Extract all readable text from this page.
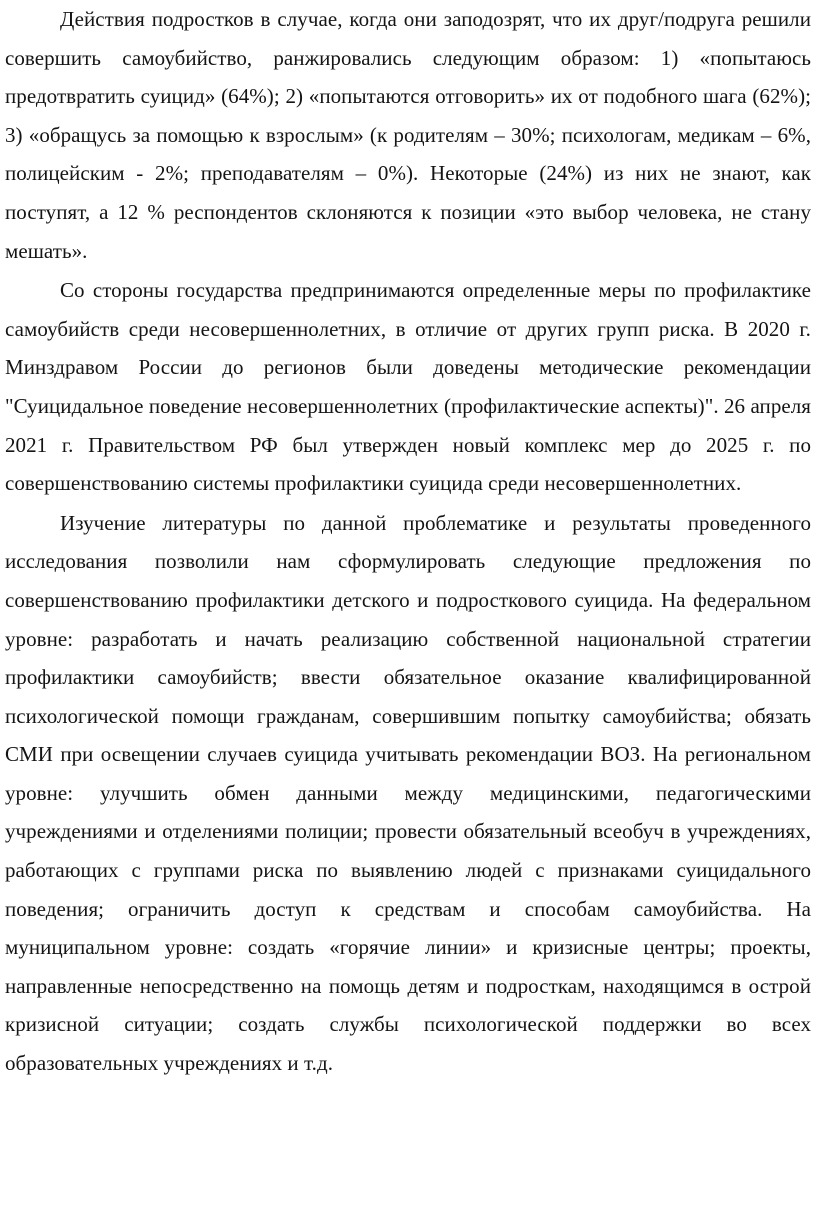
Действия подростков в случае, когда они заподозрят, что их друг/подруга решили совершить самоубийство, ранжировались следующим образом: 1) «попытаюсь предотвратить суицид» (64%); 2) «попытаются отговорить» их от подобного шага (62%); 3) «обращусь за помощью к взрослым» (к родителям – 30%; психологам, медикам – 6%, полицейским - 2%; преподавателям – 0%). Некоторые (24%) из них не знают, как поступят, а 12 % респондентов склоняются к позиции «это выбор человека, не стану мешать».

Со стороны государства предпринимаются определенные меры по профилактике самоубийств среди несовершеннолетних, в отличие от других групп риска. В 2020 г. Минздравом России до регионов были доведены методические рекомендации "Суицидальное поведение несовершеннолетних (профилактические аспекты)". 26 апреля 2021 г. Правительством РФ был утвержден новый комплекс мер до 2025 г. по совершенствованию системы профилактики суицида среди несовершеннолетних.

Изучение литературы по данной проблематике и результаты проведенного исследования позволили нам сформулировать следующие предложения по совершенствованию профилактики детского и подросткового суицида. На федеральном уровне: разработать и начать реализацию собственной национальной стратегии профилактики самоубийств; ввести обязательное оказание квалифицированной психологической помощи гражданам, совершившим попытку самоубийства; обязать СМИ при освещении случаев суицида учитывать рекомендации ВОЗ. На региональном уровне: улучшить обмен данными между медицинскими, педагогическими учреждениями и отделениями полиции; провести обязательный всеобуч в учреждениях, работающих с группами риска по выявлению людей с признаками суицидального поведения; ограничить доступ к средствам и способам самоубийства. На муниципальном уровне: создать «горячие линии» и кризисные центры; проекты, направленные непосредственно на помощь детям и подросткам, находящимся в острой кризисной ситуации; создать службы психологической поддержки во всех образовательных учреждениях и т.д.
